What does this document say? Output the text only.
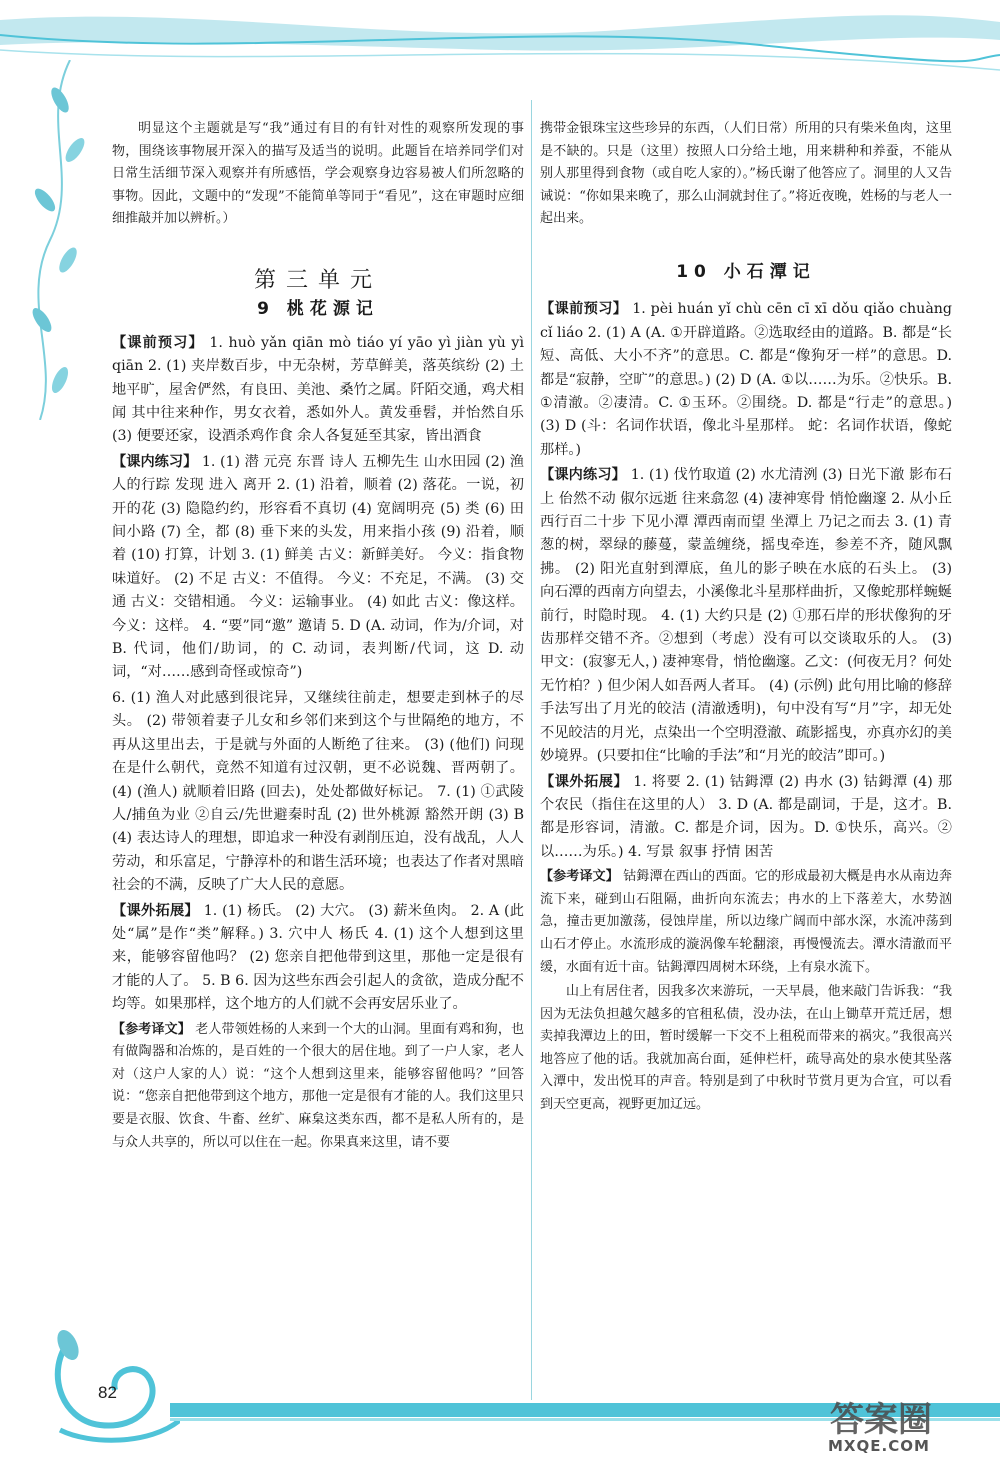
明显这个主题就是写“我”通过有目的有针对性的观察所发现的事物，围绕该事物展开深入的描写及适当的说明。此题旨在培养同学们对日常生活细节深入观察并有所感悟，学会观察身边容易被人们所忽略的事物。因此，文题中的“发现”不能简单等同于“看见”，这在审题时应细细推敲并加以辨析。）

第三单元
9 桃花源记

【课前预习】 1. huò yǎn qiān mò tiáo yí yāo yì jiàn yù yì qiān 2. (1) 夹岸数百步，中无杂树，芳草鲜美，落英缤纷 (2) 土地平旷，屋舍俨然，有良田、美池、桑竹之属。阡陌交通，鸡犬相闻 其中往来种作，男女衣着，悉如外人。黄发垂髫，并怡然自乐 (3) 便要还家，设酒杀鸡作食 余人各复延至其家，皆出酒食

【课内练习】 1. (1) 潜 元亮 东晋 诗人 五柳先生 山水田园 (2) 渔人的行踪 发现 进入 离开 2. (1) 沿着，顺着 (2) 落花。一说，初开的花 (3) 隐隐约约，形容看不真切 (4) 宽阔明亮 (5) 类 (6) 田间小路 (7) 全，都 (8) 垂下来的头发，用来指小孩 (9) 沿着，顺着 (10) 打算，计划 3. (1) 鲜美 古义：新鲜美好。 今义：指食物味道好。 (2) 不足 古义：不值得。 今义：不充足，不满。 (3) 交通 古义：交错相通。 今义：运输事业。 (4) 如此 古义：像这样。 今义：这样。 4. “要”同“邀” 邀请 5. D (A. 动词，作为/介词，对 B. 代词，他们/助词，的 C. 动词，表判断/代词，这 D. 动词，“对……感到奇怪或惊奇”)

6. (1) 渔人对此感到很诧异，又继续往前走，想要走到林子的尽头。 (2) 带领着妻子儿女和乡邻们来到这个与世隔绝的地方，不再从这里出去，于是就与外面的人断绝了往来。 (3) (他们) 问现在是什么朝代，竟然不知道有过汉朝，更不必说魏、晋两朝了。 (4) (渔人) 就顺着旧路 (回去)，处处都做好标记。 7. (1) ①武陵人/捕鱼为业 ②自云/先世避秦时乱 (2) 世外桃源 豁然开朗 (3) B (4) 表达诗人的理想，即追求一种没有剥削压迫，没有战乱，人人劳动，和乐富足，宁静淳朴的和谐生活环境；也表达了作者对黑暗社会的不满，反映了广大人民的意愿。

【课外拓展】 1. (1) 杨氏。 (2) 大穴。 (3) 薪米鱼肉。 2. A (此处“属”是作“类”解释。) 3. 穴中人 杨氏 4. (1) 这个人想到这里来，能够容留他吗？ (2) 您亲自把他带到这里，那他一定是很有才能的人了。 5. B 6. 因为这些东西会引起人的贪欲，造成分配不均等。如果那样，这个地方的人们就不会再安居乐业了。

【参考译文】 老人带领姓杨的人来到一个大的山洞。里面有鸡和狗，也有做陶器和冶炼的，是百姓的一个很大的居住地。到了一户人家，老人对（这户人家的人）说：“这个人想到这里来，能够容留他吗？”回答说：“您亲自把他带到这个地方，那他一定是很有才能的人。我们这里只要是衣服、饮食、牛畜、丝纩、麻枲这类东西，都不是私人所有的，是与众人共享的，所以可以住在一起。你果真来这里，请不要

携带金银珠宝这些珍异的东西，（人们日常）所用的只有柴米鱼肉，这里是不缺的。只是（这里）按照人口分给土地，用来耕种和养蚕，不能从别人那里得到食物（或自吃人家的）。”杨氏谢了他答应了。洞里的人又告诫说：“你如果来晚了，那么山洞就封住了。”将近夜晚，姓杨的与老人一起出来。

10 小石潭记

【课前预习】 1. pèi huán yǐ chù cēn cī xī dǒu qiǎo chuàng cǐ liáo 2. (1) A (A. ①开辟道路。②选取经由的道路。B. 都是“长短、高低、大小不齐”的意思。C. 都是“像狗牙一样”的意思。D. 都是“寂静，空旷”的意思。) (2) D (A. ①以……为乐。②快乐。B. ①清澈。②凄清。C. ①玉环。②围绕。D. 都是“行走”的意思。) (3) D (斗：名词作状语，像北斗星那样。 蛇：名词作状语，像蛇那样。)

【课内练习】 1. (1) 伐竹取道 (2) 水尤清洌 (3) 日光下澈 影布石上 佁然不动 俶尔远逝 往来翕忽 (4) 凄神寒骨 悄怆幽邃 2. 从小丘西行百二十步 下见小潭 潭西南而望 坐潭上 乃记之而去 3. (1) 青葱的树，翠绿的藤蔓，蒙盖缠绕，摇曳牵连，参差不齐，随风飘拂。 (2) 阳光直射到潭底，鱼儿的影子映在水底的石头上。 (3) 向石潭的西南方向望去，小溪像北斗星那样曲折，又像蛇那样蜿蜒前行，时隐时现。 4. (1) 大约只是 (2) ①那石岸的形状像狗的牙齿那样交错不齐。②想到（考虑）没有可以交谈取乐的人。 (3) 甲文：(寂寥无人，) 凄神寒骨，悄怆幽邃。乙文：(何夜无月？何处无竹柏？) 但少闲人如吾两人者耳。 (4) (示例) 此句用比喻的修辞手法写出了月光的皎洁 (清澈透明)，句中没有写“月”字，却无处不见皎洁的月光，点染出一个空明澄澈、疏影摇曳，亦真亦幻的美妙境界。(只要扣住“比喻的手法”和“月光的皎洁”即可。)

【课外拓展】 1. 将要 2. (1) 钴鉧潭 (2) 冉水 (3) 钴鉧潭 (4) 那个农民（指住在这里的人） 3. D (A. 都是副词，于是，这才。B. 都是形容词，清澈。C. 都是介词，因为。D. ①快乐，高兴。②以……为乐。) 4. 写景 叙事 抒情 困苦

【参考译文】 钴鉧潭在西山的西面。它的形成最初大概是冉水从南边奔流下来，碰到山石阻隔，曲折向东流去；冉水的上下落差大，水势汹急，撞击更加激荡，侵蚀岸崖，所以边缘广阔而中部水深，水流冲荡到山石才停止。水流形成的漩涡像车轮翻滚，再慢慢流去。潭水清澈而平缓，水面有近十亩。钴鉧潭四周树木环绕，上有泉水流下。

山上有居住者，因我多次来游玩，一天早晨，他来敲门告诉我：“我因为无法负担越欠越多的官租私债，没办法，在山上锄草开荒迁居，想卖掉我潭边上的田，暂时缓解一下交不上租税而带来的祸灾。”我很高兴地答应了他的话。我就加高台面，延伸栏杆，疏导高处的泉水使其坠落入潭中，发出悦耳的声音。特别是到了中秋时节赏月更为合宜，可以看到天空更高，视野更加辽远。

82
答案圈
MXQE.COM
